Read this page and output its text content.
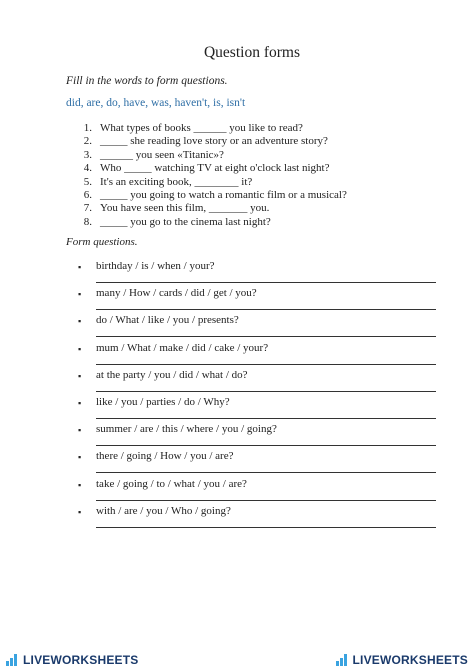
Question forms
Fill in the words to form questions.
did, are, do, have, was, haven't, is, isn't
1. What types of books ______ you like to read?
2. _____ she reading love story or an adventure story?
3. ______ you seen «Titanic»?
4. Who _____ watching TV at eight o'clock last night?
5. It's an exciting book, ________ it?
6. _____ you going to watch a romantic film or a musical?
7. You have seen this film, _______ you.
8. _____ you go to the cinema last night?
Form questions.
▪ birthday / is / when / your?
▪ many / How / cards / did / get / you?
▪ do / What / like / you / presents?
▪ mum / What / make / did / cake / your?
▪ at the party / you / did / what / do?
▪ like / you / parties / do / Why?
▪ summer / are / this / where / you / going?
▪ there / going / How / you / are?
▪ take / going / to / what / you / are?
▪ with / are / you / Who / going?
LIVEWORKSHEETS	LIVEWORKSHEETS
